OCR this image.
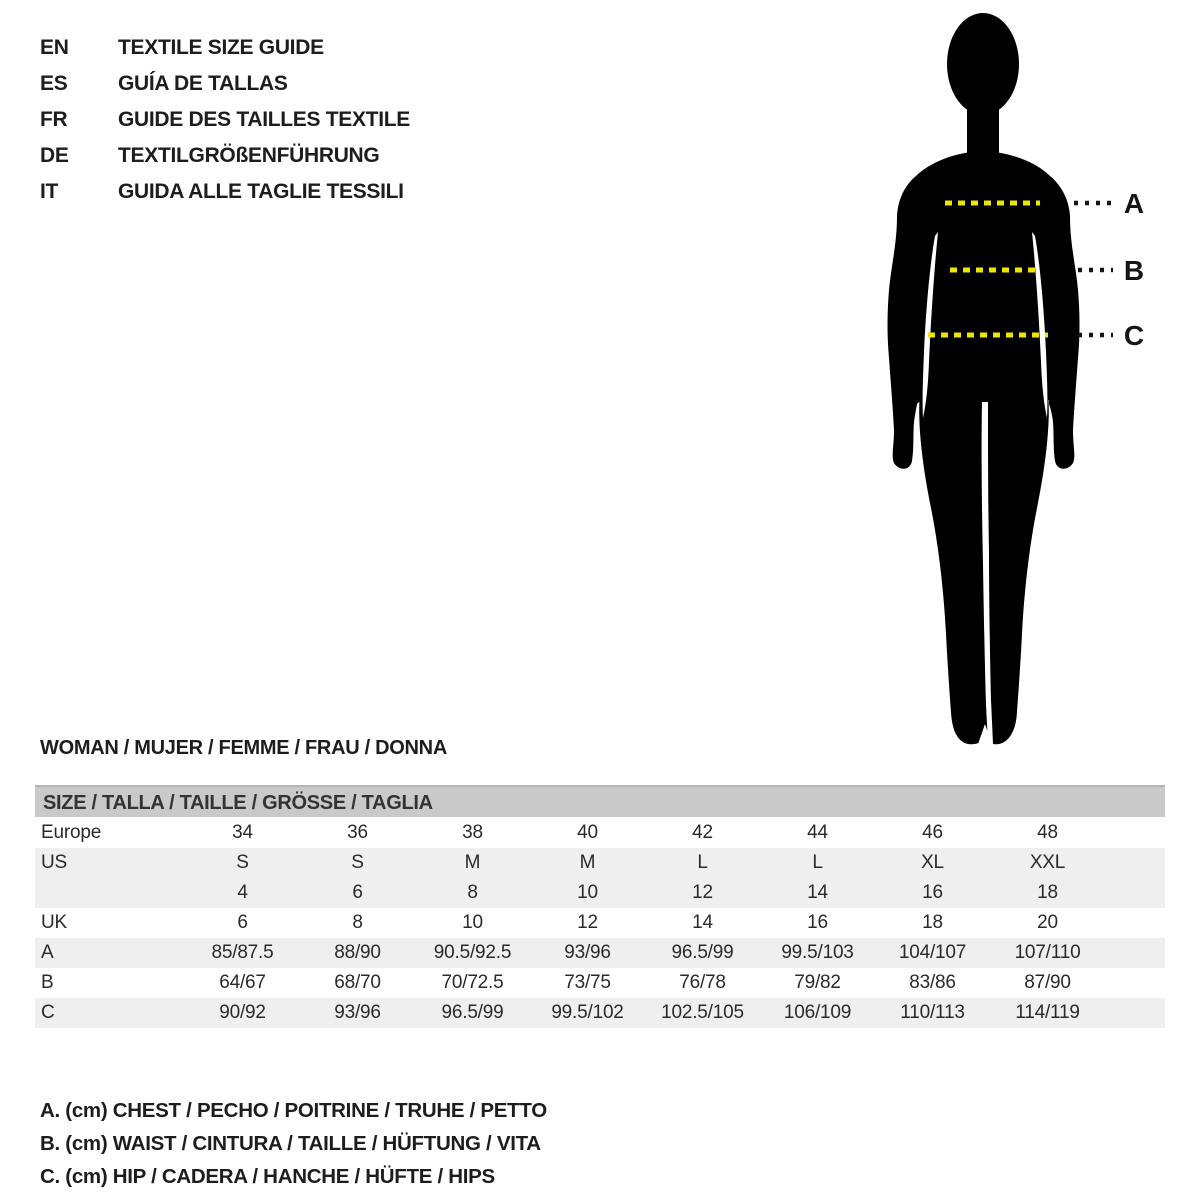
EN	TEXTILE SIZE GUIDE
ES	GUÍA DE TALLAS
FR	GUIDE DES TAILLES TEXTILE
DE	TEXTILGRÖßENFÜHRUNG
IT	GUIDA ALLE TAGLIE TESSILI	A
B
C
WOMAN / MUJER / FEMME / FRAU / DONNA
SIZE / TALLA / TAILLE / GRÖSSE / TAGLIA
Europe	34	36	38	40	42	44	46	48	
US	S	S	M	M	L	L	XL	XXL	
	4	6	8	10	12	14	16	18	
UK	6	8	10	12	14	16	18	20	
A	85/87.5	88/90	90.5/92.5	93/96	96.5/99	99.5/103	104/107	107/110	
B	64/67	68/70	70/72.5	73/75	76/78	79/82	83/86	87/90	
C	90/92	93/96	96.5/99	99.5/102	102.5/105	106/109	110/113	114/119	
A. (cm) CHEST / PECHO / POITRINE / TRUHE / PETTO
B. (cm) WAIST / CINTURA / TAILLE / HÜFTUNG / VITA
C. (cm) HIP / CADERA / HANCHE / HÜFTE / HIPS
